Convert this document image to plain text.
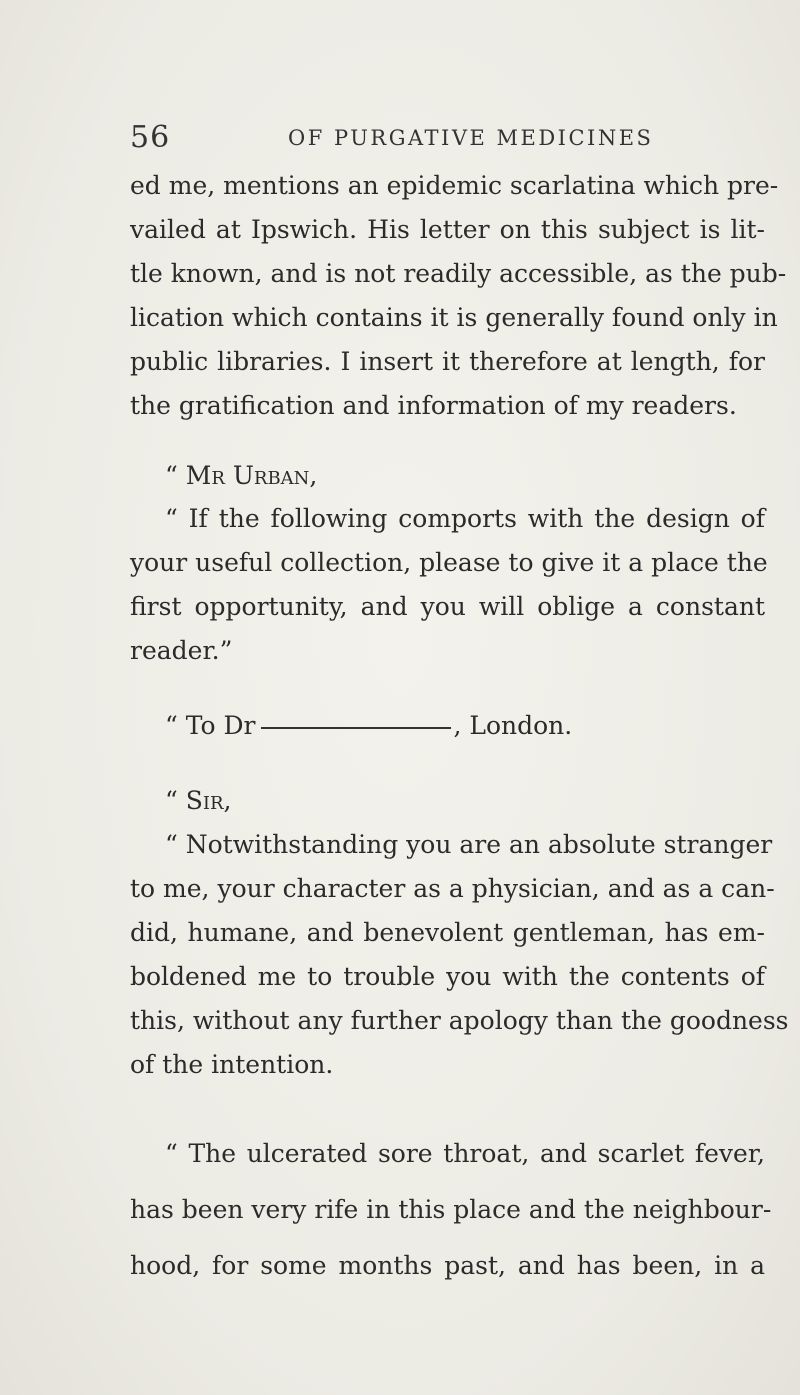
56	OF PURGATIVE MEDICINES
ed me, mentions an epidemic scarlatina which pre-
vailed at Ipswich. His letter on this subject is lit-
tle known, and is not readily accessible, as the pub-
lication which contains it is generally found only in
public libraries. I insert it therefore at length, for
the gratification and information of my readers.
“ Mr Urban,
“ If the following comports with the design of
your useful collection, please to give it a place the
first opportunity, and you will oblige a constant
reader.”
“ To Dr	, London.
“ Sir,
“ Notwithstanding you are an absolute stranger
to me, your character as a physician, and as a can-
did, humane, and benevolent gentleman, has em-
boldened me to trouble you with the contents of
this, without any further apology than the goodness
of the intention.
“ The ulcerated sore throat, and scarlet fever,
has been very rife in this place and the neighbour-
hood, for some months past, and has been, in a
